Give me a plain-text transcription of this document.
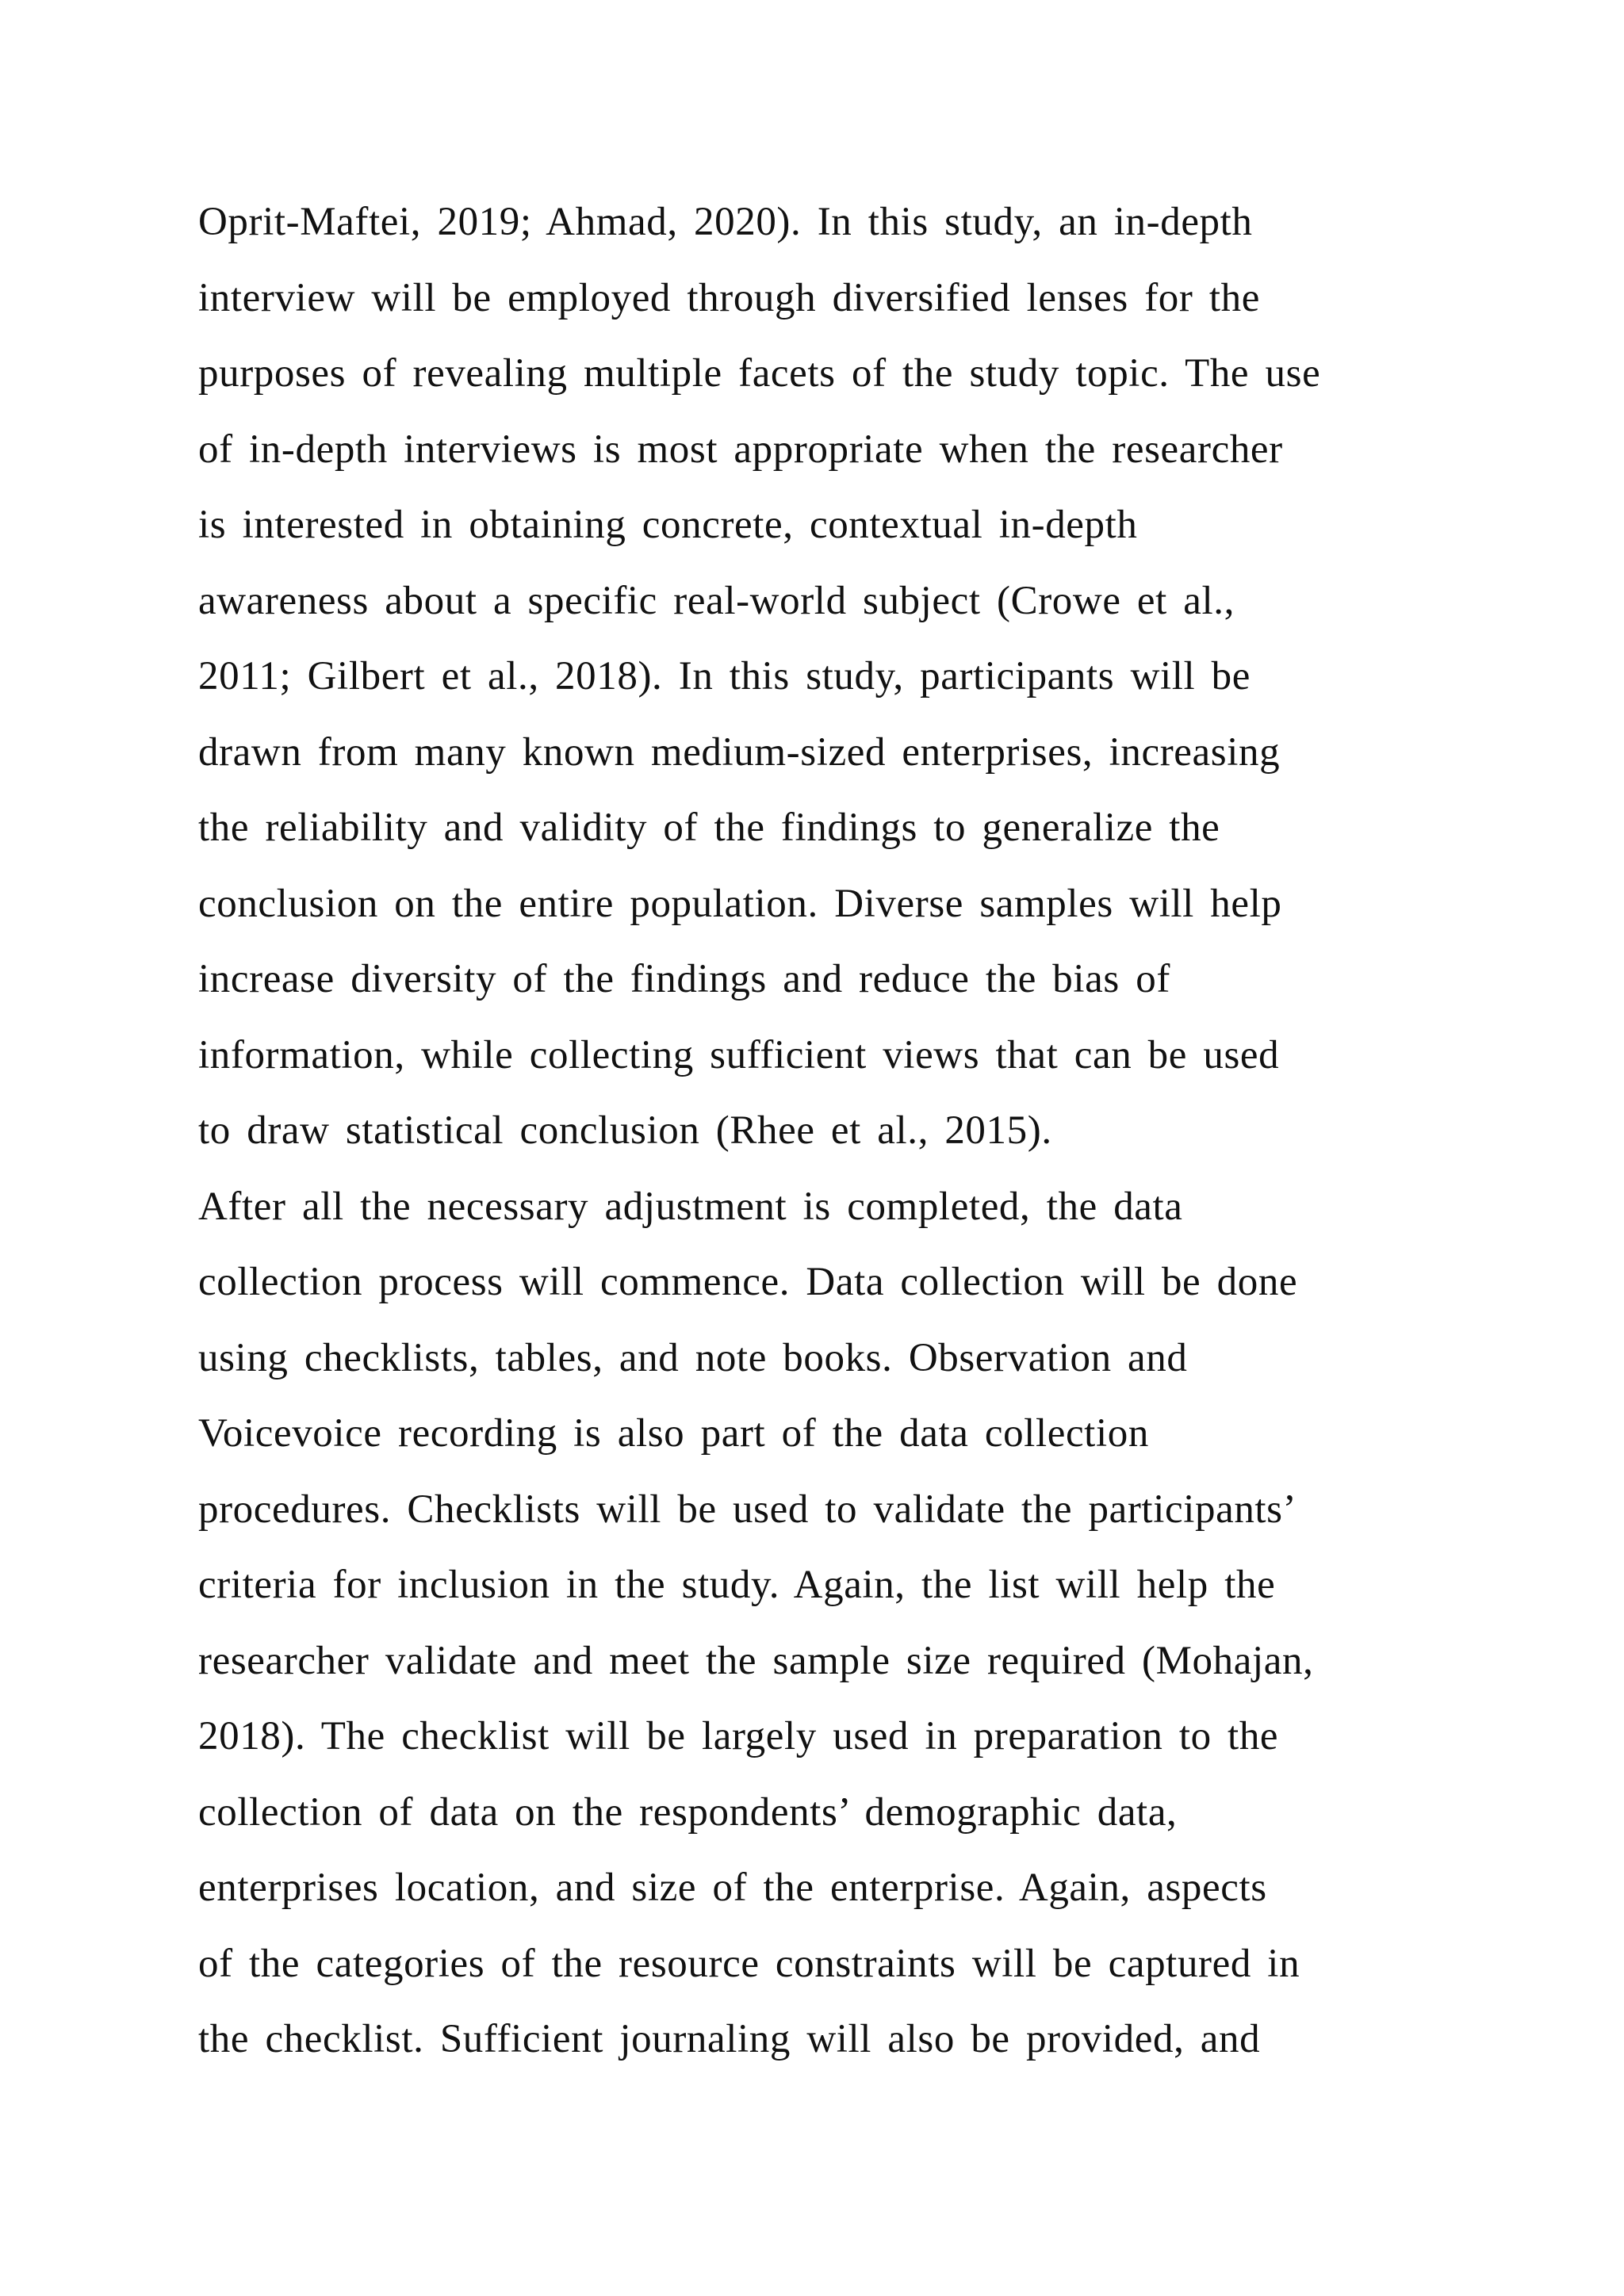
Oprit-Maftei, 2019; Ahmad, 2020). In this study, an in-depth
interview will be employed through diversified lenses for the
purposes of revealing multiple facets of the study topic. The use
of in-depth interviews is most appropriate when the researcher
is interested in obtaining concrete, contextual in-depth
awareness about a specific real-world subject (Crowe et al.,
2011; Gilbert et al., 2018). In this study, participants will be
drawn from many known medium-sized enterprises, increasing
the reliability and validity of the findings to generalize the
conclusion on the entire population. Diverse samples will help
increase diversity of the findings and reduce the bias of
information, while collecting sufficient views that can be used
to draw statistical conclusion (Rhee et al., 2015).
After all the necessary adjustment is completed, the data
collection process will commence. Data collection will be done
using checklists, tables, and note books. Observation and
Voicevoice recording is also part of the data collection
procedures. Checklists will be used to validate the participants’
criteria for inclusion in the study. Again, the list will help the
researcher validate and meet the sample size required (Mohajan,
2018). The checklist will be largely used in preparation to the
collection of data on the respondents’ demographic data,
enterprises location, and size of the enterprise. Again, aspects
of the categories of the resource constraints will be captured in
the checklist. Sufficient journaling will also be provided, and
